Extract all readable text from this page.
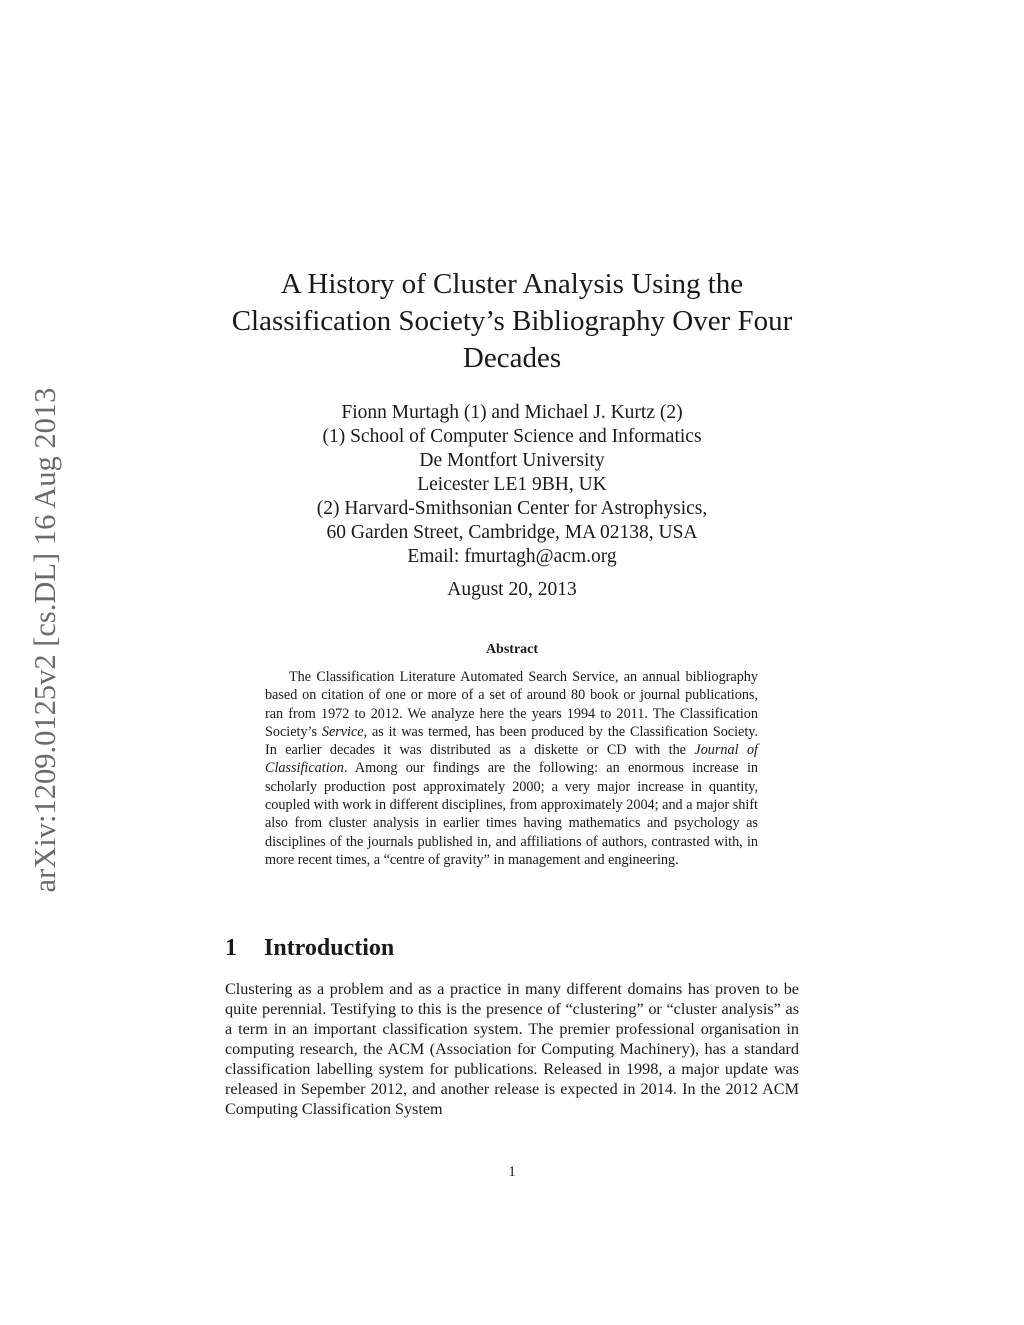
arXiv:1209.0125v2 [cs.DL] 16 Aug 2013
A History of Cluster Analysis Using the
Classification Society’s Bibliography Over Four
Decades
Fionn Murtagh (1) and Michael J. Kurtz (2)
(1) School of Computer Science and Informatics
De Montfort University
Leicester LE1 9BH, UK
(2) Harvard-Smithsonian Center for Astrophysics,
60 Garden Street, Cambridge, MA 02138, USA
Email: fmurtagh@acm.org
August 20, 2013
Abstract

The Classification Literature Automated Search Service, an annual bibliography based on citation of one or more of a set of around 80 book or journal publications, ran from 1972 to 2012. We analyze here the years 1994 to 2011. The Classification Society’s Service, as it was termed, has been produced by the Classification Society. In earlier decades it was distributed as a diskette or CD with the Journal of Classification. Among our findings are the following: an enormous increase in scholarly production post approximately 2000; a very major increase in quantity, coupled with work in different disciplines, from approximately 2004; and a major shift also from cluster analysis in earlier times having mathematics and psychology as disciplines of the journals published in, and affiliations of authors, contrasted with, in more recent times, a “centre of gravity” in management and engineering.

1 Introduction

Clustering as a problem and as a practice in many different domains has proven to be quite perennial. Testifying to this is the presence of “clustering” or “cluster analysis” as a term in an important classification system. The premier professional organisation in computing research, the ACM (Association for Computing Machinery), has a standard classification labelling system for publications. Released in 1998, a major update was released in Sepember 2012, and another release is expected in 2014. In the 2012 ACM Computing Classification System

1
